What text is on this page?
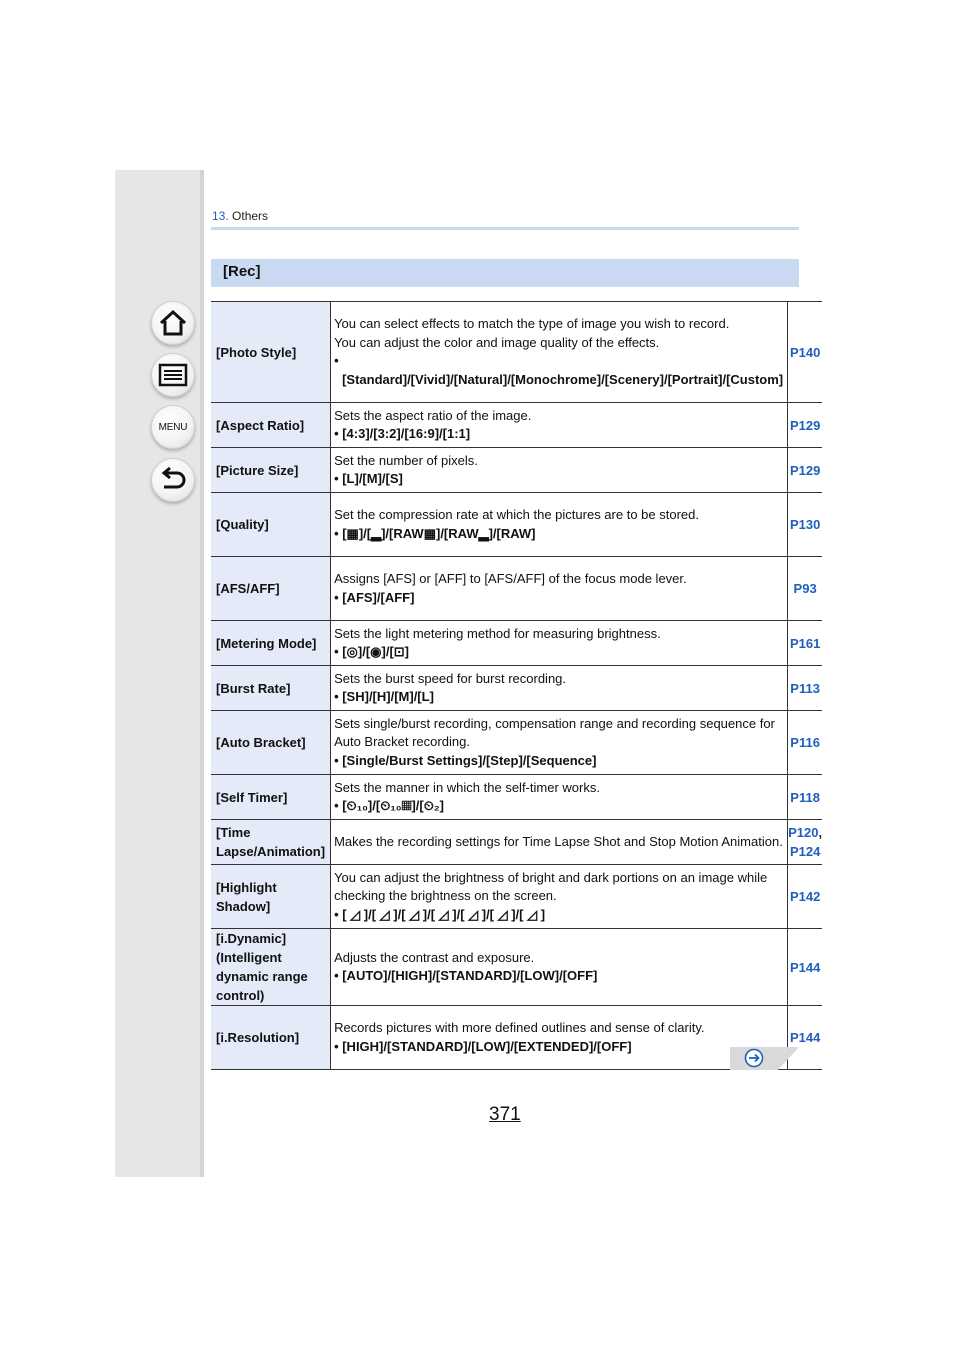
MENU
13. Others
[Rec]
[Photo Style]	You can select effects to match the type of image you wish to record.
You can adjust the color and image quality of the effects.
• [Standard]/[Vivid]/[Natural]/[Monochrome]/[Scenery]/[Portrait]/[Custom]	P140
[Aspect Ratio]	Sets the aspect ratio of the image.
• [4:3]/[3:2]/[16:9]/[1:1]	P129
[Picture Size]	Set the number of pixels.
• [L]/[M]/[S]	P129
[Quality]	Set the compression rate at which the pictures are to be stored.
• [▦]/[▂]/[RAW▦]/[RAW▂]/[RAW]	P130
[AFS/AFF]	Assigns [AFS] or [AFF] to [AFS/AFF] of the focus mode lever.
• [AFS]/[AFF]	P93
[Metering Mode]	Sets the light metering method for measuring brightness.
• [◎]/[◉]/[⊡]	P161
[Burst Rate]	Sets the burst speed for burst recording.
• [SH]/[H]/[M]/[L]	P113
[Auto Bracket]	Sets single/burst recording, compensation range and recording sequence for Auto Bracket recording.
• [Single/Burst Settings]/[Step]/[Sequence]	P116
[Self Timer]	Sets the manner in which the self-timer works.
• [⏲₁₀]/[⏲₁₀▦]/[⏲₂]	P118
[Time Lapse/Animation]	Makes the recording settings for Time Lapse Shot and Stop Motion Animation.	P120,
P124
[Highlight Shadow]	You can adjust the brightness of bright and dark portions on an image while checking the brightness on the screen.
• [ ◿ ]/[ ◿ ]/[ ◿ ]/[ ◿ ]/[ ◿ ]/[ ◿ ]/[ ◿ ]	P142
[i.Dynamic] (Intelligent dynamic range control)	Adjusts the contrast and exposure.
• [AUTO]/[HIGH]/[STANDARD]/[LOW]/[OFF]	P144
[i.Resolution]	Records pictures with more defined outlines and sense of clarity.
• [HIGH]/[STANDARD]/[LOW]/[EXTENDED]/[OFF]	P144
371
